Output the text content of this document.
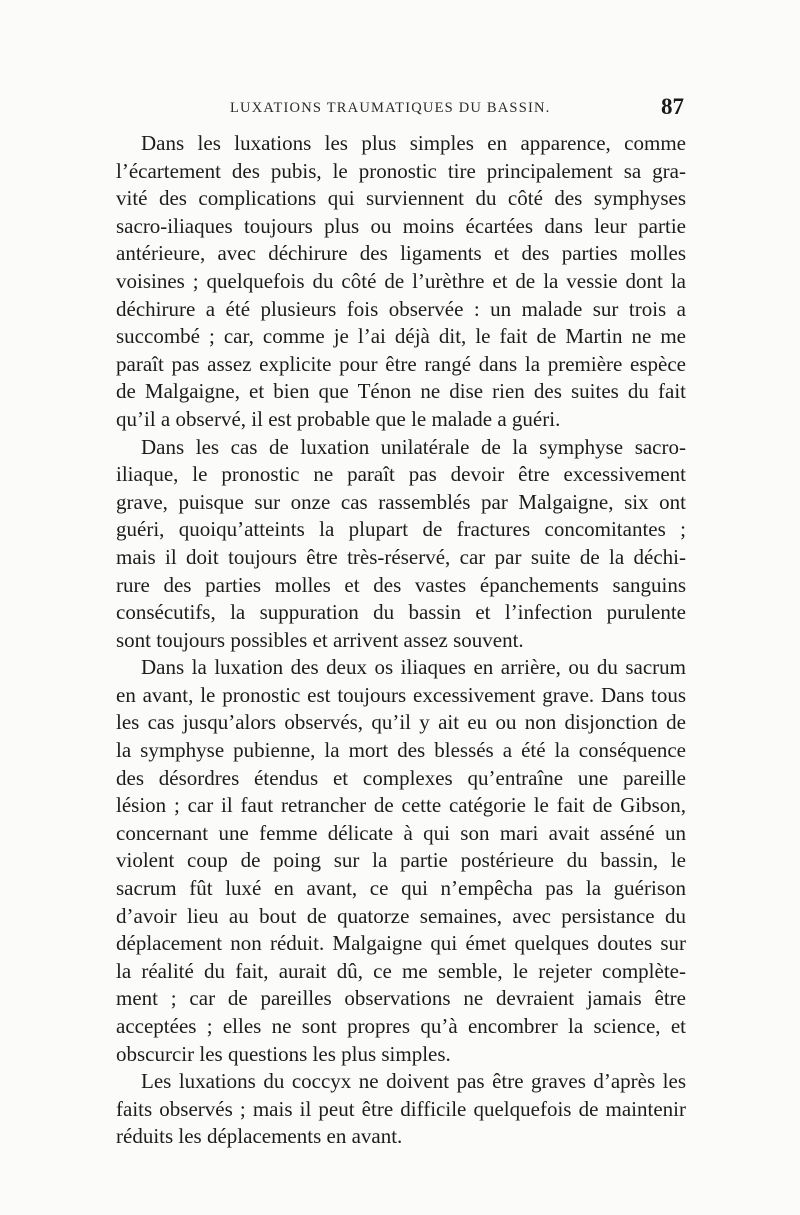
LUXATIONS TRAUMATIQUES DU BASSIN.	87
Dans les luxations les plus simples en apparence, comme
l’écartement des pubis, le pronostic tire principalement sa gra-
vité des complications qui surviennent du côté des symphyses
sacro-iliaques toujours plus ou moins écartées dans leur partie
antérieure, avec déchirure des ligaments et des parties molles
voisines ; quelquefois du côté de l’urèthre et de la vessie dont la
déchirure a été plusieurs fois observée : un malade sur trois a
succombé ; car, comme je l’ai déjà dit, le fait de Martin ne me
paraît pas assez explicite pour être rangé dans la première espèce
de Malgaigne, et bien que Ténon ne dise rien des suites du fait
qu’il a observé, il est probable que le malade a guéri.
Dans les cas de luxation unilatérale de la symphyse sacro-
iliaque, le pronostic ne paraît pas devoir être excessivement
grave, puisque sur onze cas rassemblés par Malgaigne, six ont
guéri, quoiqu’atteints la plupart de fractures concomitantes ;
mais il doit toujours être très-réservé, car par suite de la déchi-
rure des parties molles et des vastes épanchements sanguins
consécutifs, la suppuration du bassin et l’infection purulente
sont toujours possibles et arrivent assez souvent.
Dans la luxation des deux os iliaques en arrière, ou du sacrum
en avant, le pronostic est toujours excessivement grave. Dans tous
les cas jusqu’alors observés, qu’il y ait eu ou non disjonction de
la symphyse pubienne, la mort des blessés a été la conséquence
des désordres étendus et complexes qu’entraîne une pareille
lésion ; car il faut retrancher de cette catégorie le fait de Gibson,
concernant une femme délicate à qui son mari avait asséné un
violent coup de poing sur la partie postérieure du bassin, le
sacrum fût luxé en avant, ce qui n’empêcha pas la guérison
d’avoir lieu au bout de quatorze semaines, avec persistance du
déplacement non réduit. Malgaigne qui émet quelques doutes sur
la réalité du fait, aurait dû, ce me semble, le rejeter complète-
ment ; car de pareilles observations ne devraient jamais être
acceptées ; elles ne sont propres qu’à encombrer la science, et
obscurcir les questions les plus simples.
Les luxations du coccyx ne doivent pas être graves d’après les
faits observés ; mais il peut être difficile quelquefois de maintenir
réduits les déplacements en avant.
